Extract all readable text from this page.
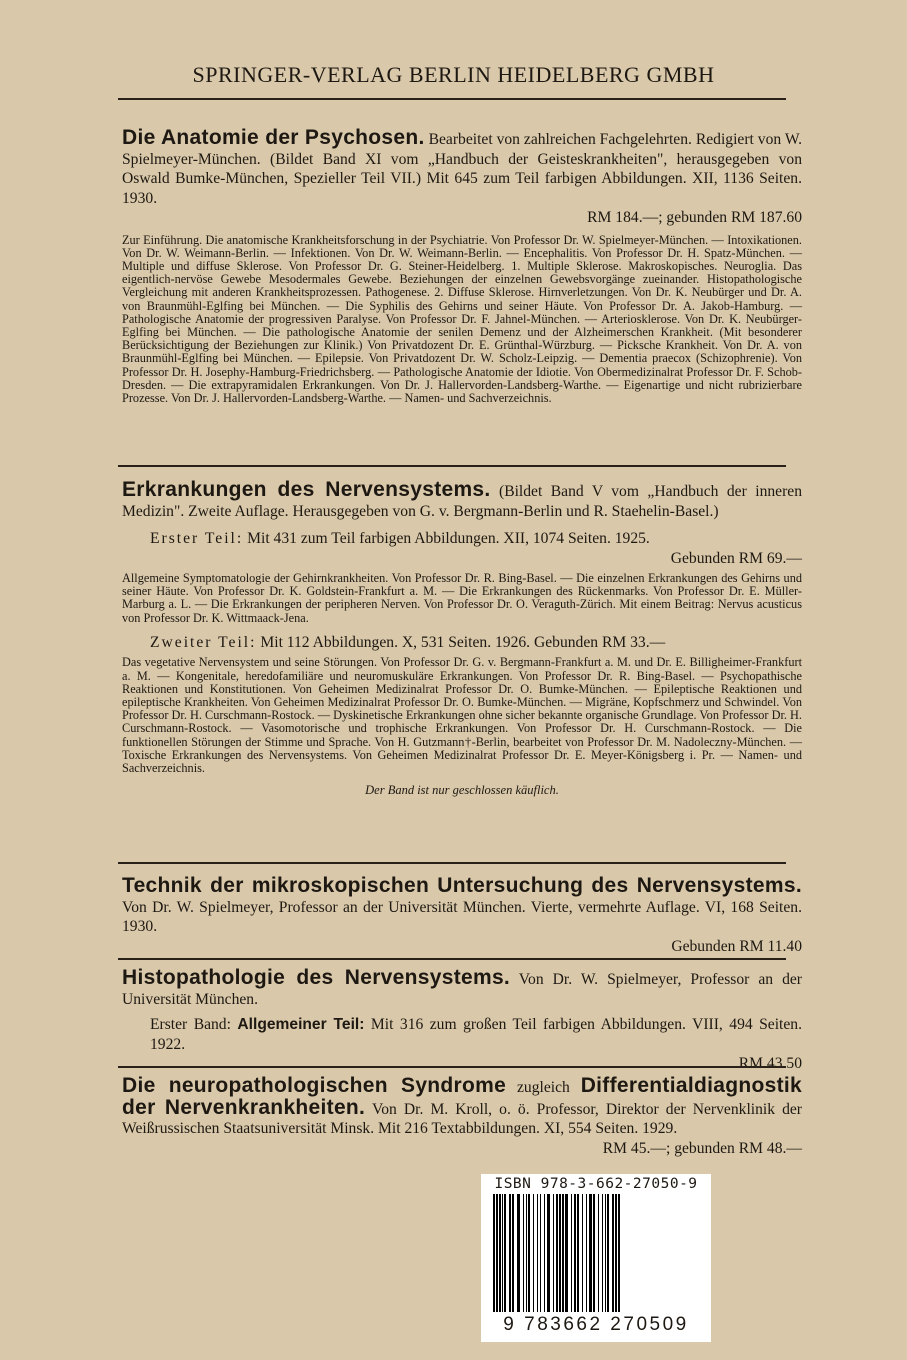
SPRINGER-VERLAG BERLIN HEIDELBERG GMBH

Die Anatomie der Psychosen. Bearbeitet von zahlreichen Fachgelehrten. Redigiert von W. Spielmeyer-München. (Bildet Band XI vom „Handbuch der Geisteskrankheiten", herausgegeben von Oswald Bumke-München, Spezieller Teil VII.) Mit 645 zum Teil farbigen Abbildungen. XII, 1136 Seiten. 1930.

RM 184.—; gebunden RM 187.60

Zur Einführung. Die anatomische Krankheitsforschung in der Psychiatrie. Von Professor Dr. W. Spielmeyer-München. — Intoxikationen. Von Dr. W. Weimann-Berlin. — Infektionen. Von Dr. W. Weimann-Berlin. — Encephalitis. Von Professor Dr. H. Spatz-München. — Multiple und diffuse Sklerose. Von Professor Dr. G. Steiner-Heidelberg. 1. Multiple Sklerose. Makroskopisches. Neuroglia. Das eigentlich-nervöse Gewebe Mesodermales Gewebe. Beziehungen der einzelnen Gewebsvorgänge zueinander. Histopathologische Vergleichung mit anderen Krankheitsprozessen. Pathogenese. 2. Diffuse Sklerose. Hirnverletzungen. Von Dr. K. Neubürger und Dr. A. von Braunmühl-Eglfing bei München. — Die Syphilis des Gehirns und seiner Häute. Von Professor Dr. A. Jakob-Hamburg. — Pathologische Anatomie der progressiven Paralyse. Von Professor Dr. F. Jahnel-München. — Arteriosklerose. Von Dr. K. Neubürger-Eglfing bei München. — Die pathologische Anatomie der senilen Demenz und der Alzheimerschen Krankheit. (Mit besonderer Berücksichtigung der Beziehungen zur Klinik.) Von Privatdozent Dr. E. Grünthal-Würzburg. — Picksche Krankheit. Von Dr. A. von Braunmühl-Eglfing bei München. — Epilepsie. Von Privatdozent Dr. W. Scholz-Leipzig. — Dementia praecox (Schizophrenie). Von Professor Dr. H. Josephy-Hamburg-Friedrichsberg. — Pathologische Anatomie der Idiotie. Von Obermedizinalrat Professor Dr. F. Schob-Dresden. — Die extrapyramidalen Erkrankungen. Von Dr. J. Hallervorden-Landsberg-Warthe. — Eigenartige und nicht rubrizierbare Prozesse. Von Dr. J. Hallervorden-Landsberg-Warthe. — Namen- und Sachverzeichnis.

Erkrankungen des Nervensystems. (Bildet Band V vom „Handbuch der inneren Medizin". Zweite Auflage. Herausgegeben von G. v. Bergmann-Berlin und R. Staehelin-Basel.)

Erster Teil: Mit 431 zum Teil farbigen Abbildungen. XII, 1074 Seiten. 1925.

Gebunden RM 69.—

Allgemeine Symptomatologie der Gehirnkrankheiten. Von Professor Dr. R. Bing-Basel. — Die einzelnen Erkrankungen des Gehirns und seiner Häute. Von Professor Dr. K. Goldstein-Frankfurt a. M. — Die Erkrankungen des Rückenmarks. Von Professor Dr. E. Müller-Marburg a. L. — Die Erkrankungen der peripheren Nerven. Von Professor Dr. O. Veraguth-Zürich. Mit einem Beitrag: Nervus acusticus von Professor Dr. K. Wittmaack-Jena.

Zweiter Teil: Mit 112 Abbildungen. X, 531 Seiten. 1926. Gebunden RM 33.—

Das vegetative Nervensystem und seine Störungen. Von Professor Dr. G. v. Bergmann-Frankfurt a. M. und Dr. E. Billigheimer-Frankfurt a. M. — Kongenitale, heredofamiliäre und neuromuskuläre Erkrankungen. Von Professor Dr. R. Bing-Basel. — Psychopathische Reaktionen und Konstitutionen. Von Geheimen Medizinalrat Professor Dr. O. Bumke-München. — Epileptische Reaktionen und epileptische Krankheiten. Von Geheimen Medizinalrat Professor Dr. O. Bumke-München. — Migräne, Kopfschmerz und Schwindel. Von Professor Dr. H. Curschmann-Rostock. — Dyskinetische Erkrankungen ohne sicher bekannte organische Grundlage. Von Professor Dr. H. Curschmann-Rostock. — Vasomotorische und trophische Erkrankungen. Von Professor Dr. H. Curschmann-Rostock. — Die funktionellen Störungen der Stimme und Sprache. Von H. Gutzmann†-Berlin, bearbeitet von Professor Dr. M. Nadoleczny-München. — Toxische Erkrankungen des Nervensystems. Von Geheimen Medizinalrat Professor Dr. E. Meyer-Königsberg i. Pr. — Namen- und Sachverzeichnis.

Der Band ist nur geschlossen käuflich.

Technik der mikroskopischen Untersuchung des Nervensystems. Von Dr. W. Spielmeyer, Professor an der Universität München. Vierte, vermehrte Auflage. VI, 168 Seiten. 1930.

Gebunden RM 11.40

Histopathologie des Nervensystems. Von Dr. W. Spielmeyer, Professor an der Universität München.

Erster Band: Allgemeiner Teil: Mit 316 zum großen Teil farbigen Abbildungen. VIII, 494 Seiten. 1922.

RM 43.50

Die neuropathologischen Syndrome zugleich Differentialdiagnostik der Nervenkrankheiten. Von Dr. M. Kroll, o. ö. Professor, Direktor der Nervenklinik der Weißrussischen Staatsuniversität Minsk. Mit 216 Textabbildungen. XI, 554 Seiten. 1929.

RM 45.—; gebunden RM 48.—

ISBN 978-3-662-27050-9
9 783662 270509
